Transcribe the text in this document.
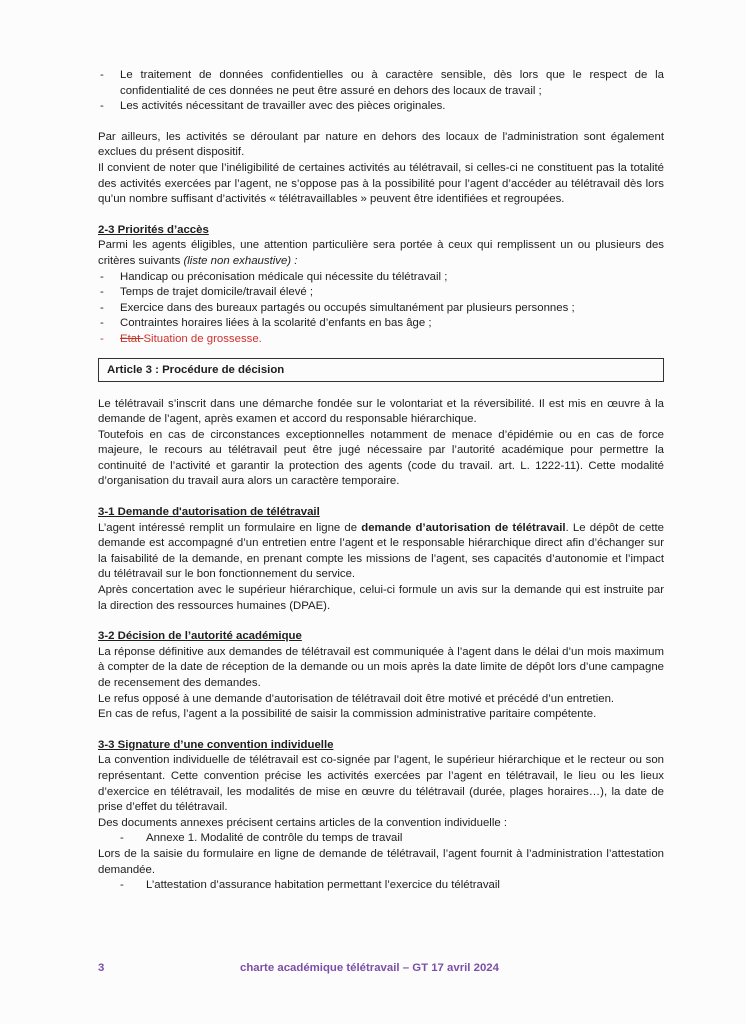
- Le traitement de données confidentielles ou à caractère sensible, dès lors que le respect de la confidentialité de ces données ne peut être assuré en dehors des locaux de travail ;
- Les activités nécessitant de travailler avec des pièces originales.

Par ailleurs, les activités se déroulant par nature en dehors des locaux de l'administration sont également exclues du présent dispositif.

Il convient de noter que l’inéligibilité de certaines activités au télétravail, si celles-ci ne constituent pas la totalité des activités exercées par l’agent, ne s’oppose pas à la possibilité pour l’agent d’accéder au télétravail dès lors qu’un nombre suffisant d’activités « télétravaillables » peuvent être identifiées et regroupées.

2-3 Priorités d’accès

Parmi les agents éligibles, une attention particulière sera portée à ceux qui remplissent un ou plusieurs des critères suivants (liste non exhaustive) :

- Handicap ou préconisation médicale qui nécessite du télétravail ;
- Temps de trajet domicile/travail élevé ;
- Exercice dans des bureaux partagés ou occupés simultanément par plusieurs personnes ;
- Contraintes horaires liées à la scolarité d’enfants en bas âge ;
- Etat Situation de grossesse.
Article 3 : Procédure de décision

Le télétravail s’inscrit dans une démarche fondée sur le volontariat et la réversibilité. Il est mis en œuvre à la demande de l’agent, après examen et accord du responsable hiérarchique.

Toutefois en cas de circonstances exceptionnelles notamment de menace d’épidémie ou en cas de force majeure, le recours au télétravail peut être jugé nécessaire par l’autorité académique pour permettre la continuité de l’activité et garantir la protection des agents (code du travail. art. L. 1222-11). Cette modalité d’organisation du travail aura alors un caractère temporaire.

3-1 Demande d'autorisation de télétravail

L’agent intéressé remplit un formulaire en ligne de demande d’autorisation de télétravail. Le dépôt de cette demande est accompagné d’un entretien entre l’agent et le responsable hiérarchique direct afin d’échanger sur la faisabilité de la demande, en prenant compte les missions de l’agent, ses capacités d’autonomie et l’impact du télétravail sur le bon fonctionnement du service.

Après concertation avec le supérieur hiérarchique, celui-ci formule un avis sur la demande qui est instruite par la direction des ressources humaines (DPAE).

3-2 Décision de l’autorité académique

La réponse définitive aux demandes de télétravail est communiquée à l’agent dans le délai d’un mois maximum à compter de la date de réception de la demande ou un mois après la date limite de dépôt lors d’une campagne de recensement des demandes.

Le refus opposé à une demande d’autorisation de télétravail doit être motivé et précédé d’un entretien.

En cas de refus, l’agent a la possibilité de saisir la commission administrative paritaire compétente.

3-3 Signature d’une convention individuelle

La convention individuelle de télétravail est co-signée par l’agent, le supérieur hiérarchique et le recteur ou son représentant. Cette convention précise les activités exercées par l’agent en télétravail, le lieu ou les lieux d’exercice en télétravail, les modalités de mise en œuvre du télétravail (durée, plages horaires…), la date de prise d’effet du télétravail.

Des documents annexes précisent certains articles de la convention individuelle :

- Annexe 1. Modalité de contrôle du temps de travail

Lors de la saisie du formulaire en ligne de demande de télétravail, l’agent fournit à l’administration l’attestation demandée.

- L’attestation d’assurance habitation permettant l’exercice du télétravail
3	charte académique télétravail – GT 17 avril 2024
